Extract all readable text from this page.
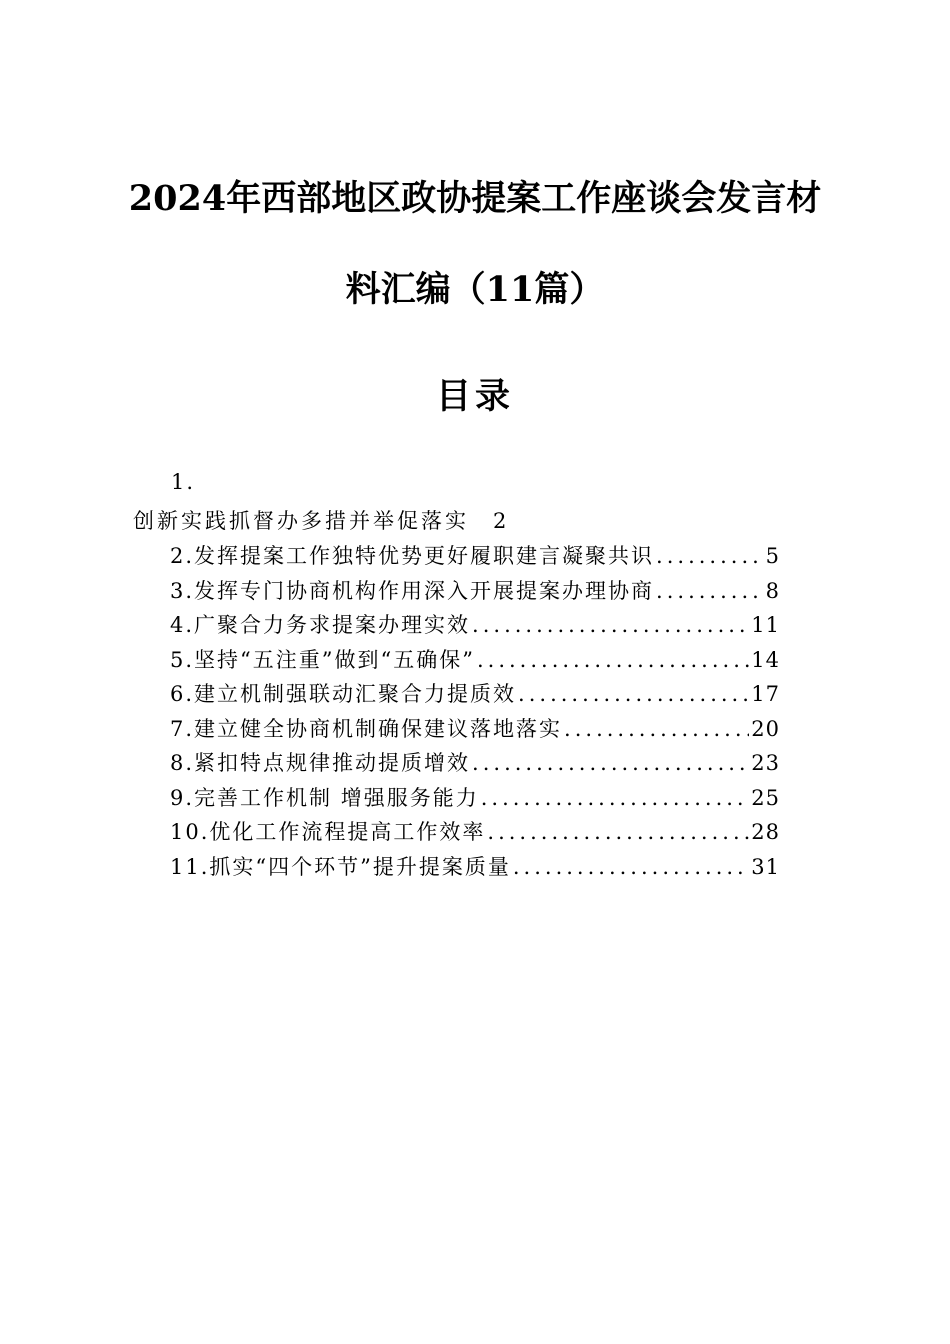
2024年西部地区政协提案工作座谈会发言材
料汇编（11篇）
目录
1.
创新实践抓督办多措并举促落实 2
2.发挥提案工作独特优势更好履职建言凝聚共识 .....	5
3.发挥专门协商机构作用深入开展提案办理协商 .....	8
4.广聚合力务求提案办理实效 .....	11
5.坚持“五注重”做到“五确保” .....	14
6.建立机制强联动汇聚合力提质效 .....	17
7.建立健全协商机制确保建议落地落实 .....	20
8.紧扣特点规律推动提质增效 .....	23
9.完善工作机制 增强服务能力 .....	25
10.优化工作流程提高工作效率 .....	28
11.抓实“四个环节”提升提案质量 .....	31
